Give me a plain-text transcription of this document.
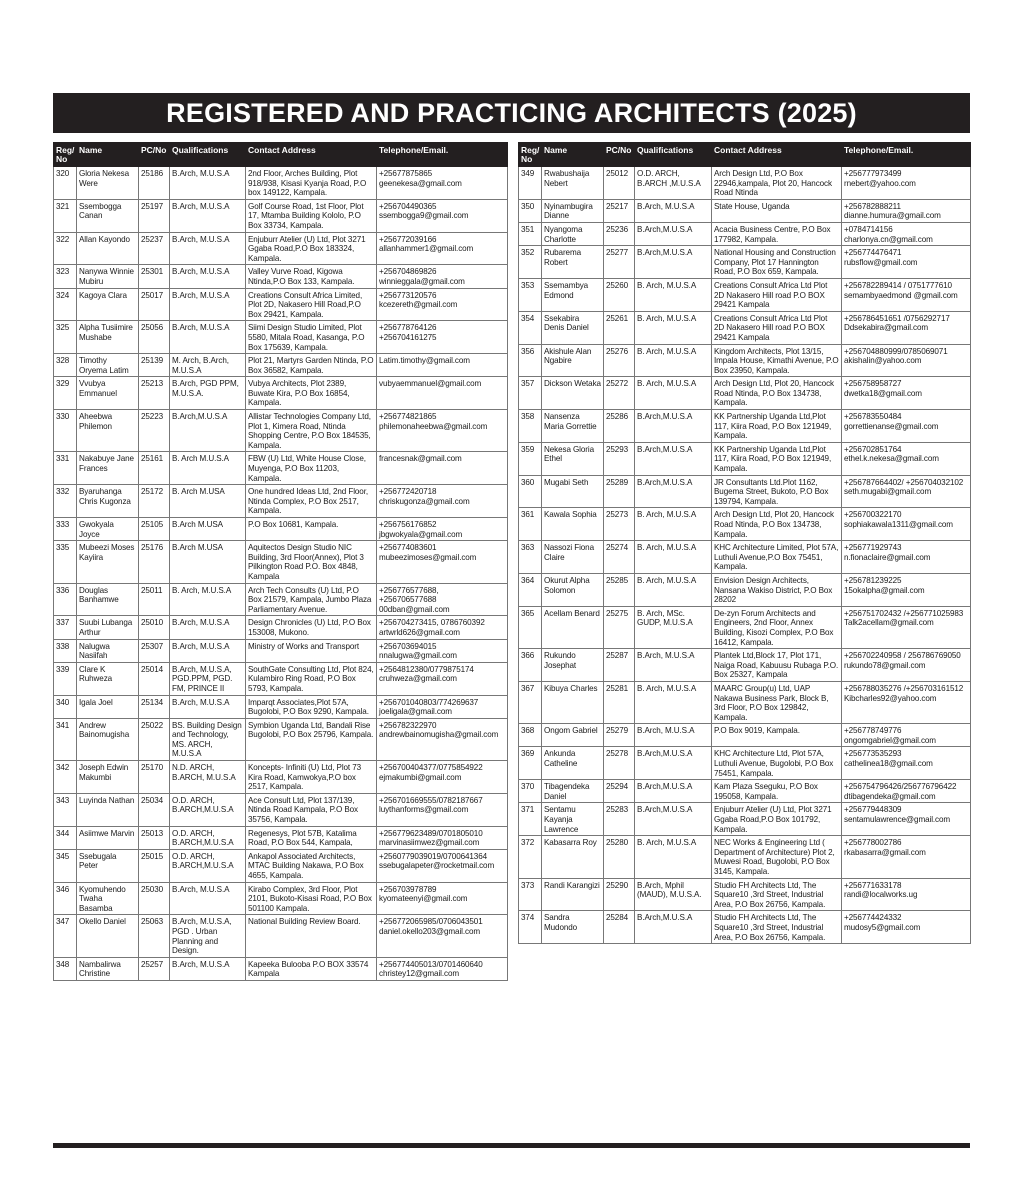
REGISTERED AND PRACTICING ARCHITECTS (2025)
Reg/
No	Name	PC/No	Qualifications	Contact Address	Telephone/Email.
320	Gloria Nekesa Were	25186	B.Arch, M.U.S.A	2nd Floor, Arches Building, Plot 918/938, Kisasi Kyanja Road, P.O box 149122, Kampala.	+25677875865
geenekesa@gmail.com
321	Ssembogga Canan	25197	B.Arch, M.U.S.A	Golf Course Road, 1st Floor, Plot 17, Mtamba Building Kololo, P.O Box 33734, Kampala.	+256704490365
ssembogga9@gmail.com
322	Allan Kayondo	25237	B.Arch, M.U.S.A	Enjuburr Atelier (U) Ltd, Plot 3271 Ggaba Road,P.O Box 183324, Kampala.	+256772039166
allanhammer1@gmail.com
323	Nanywa Winnie Mubiru	25301	B.Arch, M.U.S.A	Valley Vurve Road, Kigowa Ntinda,P.O Box 133, Kampala.	+256704869826
winnieggala@gmail.com
324	Kagoya Clara	25017	B.Arch, M.U.S.A	Creations Consult Africa Limited, Plot 2D, Nakasero Hill Road,P.O Box 29421, Kampala.	+256773120576
kcezereth@gmail.com
325	Alpha Tusiimire Mushabe	25056	B.Arch, M.U.S.A	Siimi Design Studio Limited, Plot 5580, Mitala Road, Kasanga, P.O Box 175639, Kampala.	+256778764126
+256704161275
328	Timothy Oryema Latim	25139	M. Arch, B.Arch, M.U.S.A	Plot 21, Martyrs Garden Ntinda, P.O Box 36582, Kampala.	Latim.timothy@gmail.com
329	Vvubya Emmanuel	25213	B.Arch, PGD PPM, M.U.S.A.	Vubya Architects, Plot 2389, Buwate Kira, P.O Box 16854, Kampala.	vubyaemmanuel@gmail.com
330	Aheebwa Philemon	25223	B.Arch,M.U.S.A	Allistar Technologies Company Ltd, Plot 1, Kimera Road, Ntinda Shopping Centre, P.O Box 184535, Kampala.	+256774821865
philemonaheebwa@gmail.com
331	Nakabuye Jane Frances	25161	B. Arch M.U.S.A	FBW (U) Ltd, White House Close, Muyenga, P.O Box 11203, Kampala.	francesnak@gmail.com
332	Byaruhanga Chris Kugonza	25172	B. Arch M.USA	One hundred Ideas Ltd, 2nd Floor, Ntinda Complex, P.O Box 2517, Kampala.	+256772420718
chriskugonza@gmail.com
333	Gwokyala Joyce	25105	B.Arch M.USA	P.O Box 10681, Kampala.	+256756176852
jbgwokyala@gmail.com
335	Mubeezi Moses Kayiira	25176	B.Arch M.USA	Aquitectos Design Studio NIC Building, 3rd Floor(Annex), Plot 3 Pilkington Road P.O. Box 4848, Kampala	+256774083601
mubeezimoses@gmail.com
336	Douglas Banhamwe	25011	B. Arch, M.U.S.A	Arch Tech Consults (U) Ltd, P.O Box 21579, Kampala, Jumbo Plaza Parliamentary Avenue.	+256776577688,
+256706577688
00dban@gmail.com
337	Suubi Lubanga Arthur	25010	B.Arch, M.U.S.A	Design Chronicles (U) Ltd, P.O Box 153008, Mukono.	+256704273415, 0786760392
artwrld626@gmail.com
338	Nalugwa Nasiifah	25307	B.Arch, M.U.S.A	Ministry of Works and Transport	+256703694015
nnalugwa@gmail.com
339	Clare K Ruhweza	25014	B.Arch, M.U.S.A, PGD.PPM, PGD. FM, PRINCE II	SouthGate Consulting Ltd, Plot 824, Kulambiro Ring Road, P.O Box 5793, Kampala.	+2564812380/0779875174
cruhweza@gmail.com
340	Igala Joel	25134	B.Arch, M.U.S.A	Imparqt Associates,Plot 57A, Bugolobi, P.O Box 9290, Kampala.	+256701040803/774269637
joeligala@gmail.com
341	Andrew Bainomugisha	25022	BS. Building Design and Technology, MS. ARCH, M.U.S.A	Symbion Uganda Ltd, Bandali Rise Bugolobi, P.O Box 25796, Kampala.	+256782322970
andrewbainomugisha@gmail.com
342	Joseph Edwin Makumbi	25170	N.D. ARCH, B.ARCH, M.U.S.A	Koncepts- Infiniti (U) Ltd, Plot 73 Kira Road, Kamwokya,P.O box 2517, Kampala.	+256700404377/0775854922
ejmakumbi@gmail.com
343	Luyinda Nathan	25034	O.D. ARCH, B.ARCH,M.U.S.A	Ace Consult Ltd, Plot 137/139, Ntinda Road Kampala, P.O Box 35756, Kampala.	+256701669555/0782187667
luythanforms@gmail.com
344	Asiimwe Marvin	25013	O.D. ARCH, B.ARCH,M.U.S.A	Regenesys, Plot 57B, Katalima Road, P.O Box 544, Kampala,	+256779623489/0701805010
marvinasiimwez@gmail.com
345	Ssebugala Peter	25015	O.D. ARCH, B.ARCH,M.U.S.A	Ankapol Associated Architects, MTAC Building Nakawa, P.O Box 4655, Kampala.	+256077903901​9/0700641364
ssebugalapeter@rocketmail.com
346	Kyomuhendo Twaha Basamba	25030	B.Arch, M.U.S.A	Kirabo Complex, 3rd Floor, Plot 2101, Bukoto-Kisasi Road, P.O Box 501100 Kampala.	+256703978789
kyomateenyi@gmail.com
347	Okello Daniel	25063	B.Arch, M.U.S.A, PGD . Urban Planning and Design.	National Building Review Board.	+256772065985/0706043501
daniel.okello203@gmail.com
348	Nambalirwa Christine	25257	B.Arch, M.U.S.A	Kapeeka Bulooba P.O BOX 33574 Kampala	+256774405013/0701460640
christey12@gmail.com
Reg/
No	Name	PC/No	Qualifications	Contact Address	Telephone/Email.
349	Rwabushaija Nebert	25012	O.D. ARCH, B.ARCH ,M.U.S.A	Arch Design Ltd, P.O Box 22946,kampala, Plot 20, Hancock Road Ntinda	+256777973499
rnebert@yahoo.com
350	Nyinambugira Dianne	25217	B.Arch, M.U.S.A	State House, Uganda	+256782888211
dianne.humura@gmail.com
351	Nyangoma Charlotte	25236	B.Arch,M.U.S.A	Acacia Business Centre, P.O Box 177982, Kampala.	+0784714156
charlonya.cn@gmail.com
352	Rubarema Robert	25277	B.Arch,M.U.S.A	National Housing and Construction Company, Plot 17 Hannington Road, P.O Box 659, Kampala.	+256774476471
rubsflow@gmail.com
353	Ssemambya Edmond	25260	B. Arch, M.U.S.A	Creations Consult Africa Ltd Plot 2D Nakasero Hill road P.O BOX 29421 Kampala	+256782289414 / 0751777610
semambyaedmond @gmail.com
354	Ssekabira Denis Daniel	25261	B. Arch, M.U.S.A	Creations Consult Africa Ltd Plot 2D Nakasero Hill road P.O BOX 29421 Kampala	+256786451651 /0756292717
Ddsekabira@gmail.com
356	Akishule Alan Ngabire	25276	B. Arch, M.U.S.A	Kingdom Architects, Plot 13/15, Impala House, Kimathi Avenue, P.O Box 23950, Kampala.	+256704880999/0785069071
akishalin@yahoo.com
357	Dickson Wetaka	25272	B. Arch, M.U.S.A	Arch Design Ltd, Plot 20, Hancock Road Ntinda, P.O Box 134738, Kampala.	+256758958727
dwetka18@gmail.com
358	Nansenza Maria Gorrettie	25286	B.Arch,M.U.S.A	KK Partnership Uganda Ltd,Plot 117, Kiira Road, P.O Box 121949, Kampala.	+256783550484
gorrettienanse@gmail.com
359	Nekesa Gloria Ethel	25293	B.Arch,M.U.S.A	KK Partnership Uganda Ltd,Plot 117, Kiira Road, P.O Box 121949, Kampala.	+256702851764
ethel.k.nekesa@gmail.com
360	Mugabi Seth	25289	B.Arch,M.U.S.A	JR Consultants Ltd.Plot 1162, Bugema Street, Bukoto, P.O Box 139794, Kampala.	+256787664402/ +256704032102
seth.mugabi@gmail.com
361	Kawala Sophia	25273	B. Arch, M.U.S.A	Arch Design Ltd, Plot 20, Hancock Road Ntinda, P.O Box 134738, Kampala.	+256700322170
sophiakawala1311@gmail.com
363	Nassozi Fiona Claire	25274	B. Arch, M.U.S.A	KHC Architecture Limited, Plot 57A, Luthuli Avenue,P.O Box 75451, Kampala.	+256771929743
n.fionaclaire@gmail.com
364	Okurut Alpha Solomon	25285	B. Arch, M.U.S.A	Envision Design Architects, Nansana Wakiso District, P.O Box 28202	+256781239225
15okalpha@gmail.com
365	Acellam Benard	25275	B. Arch, MSc. GUDP, M.U.S.A	De-zyn Forum Architects and Engineers, 2nd Floor, Annex Building, Kisozi Complex, P.O Box 16412, Kampala.	+256751702432 /+256771025983
Talk2acellam@gmail.com
366	Rukundo Josephat	25287	B.Arch, M.U.S.A	Plantek Ltd,Block 17, Plot 171, Naiga Road, Kabuusu Rubaga P.O. Box 25327, Kampala	+256702240958 / 256786769050
rukundo78@gmail.com
367	Kibuya Charles	25281	B. Arch, M.U.S.A	MAARC Group(u) Ltd, UAP Nakawa Business Park, Block B, 3rd Floor, P.O Box 129842, Kampala.	+256788035276 /+256703161512
Kibcharles92@yahoo.com
368	Ongom Gabriel	25279	B.Arch, M.U.S.A	P.O Box 9019, Kampala.	+256778749776
ongomgabriel@gmail.com
369	Ankunda Catheline	25278	B.Arch,M.U.S.A	KHC Architecture Ltd, Plot 57A, Luthuli Avenue, Bugolobi, P.O Box 75451, Kampala.	+256773535293
cathelinea18@gmail.com
370	Tibagendeka Daniel	25294	B.Arch,M.U.S.A	Kam Plaza Sseguku, P.O Box 195058, Kampala.	+256754796426/256776796422
dtibagendeka@gmail.com
371	Sentamu Kayanja Lawrence	25283	B.Arch,M.U.S.A	Enjuburr Atelier (U) Ltd, Plot 3271 Ggaba Road,P.O Box 101792, Kampala.	+256779448309
sentamulawrence@gmail.com
372	Kabasarra Roy	25280	B. Arch, M.U.S.A	NEC Works & Engineering Ltd ( Department of Architecture) Plot 2, Muwesi Road, Bugolobi, P.O Box 3145, Kampala.	+256778002786
rkabasarra@gmail.com
373	Randi Karangizi	25290	B.Arch, Mphil (MAUD), M.U.S.A.	Studio FH Architects Ltd, The Square10 ,3rd Street, Industrial Area, P.O Box 26756, Kampala.	+256771633178
randi@localworks.ug
374	Sandra Mudondo	25284	B.Arch,M.U.S.A	Studio FH Architects Ltd, The Square10 ,3rd Street, Industrial Area, P.O Box 26756, Kampala.	+256774424332
mudosy5@gmail.com
